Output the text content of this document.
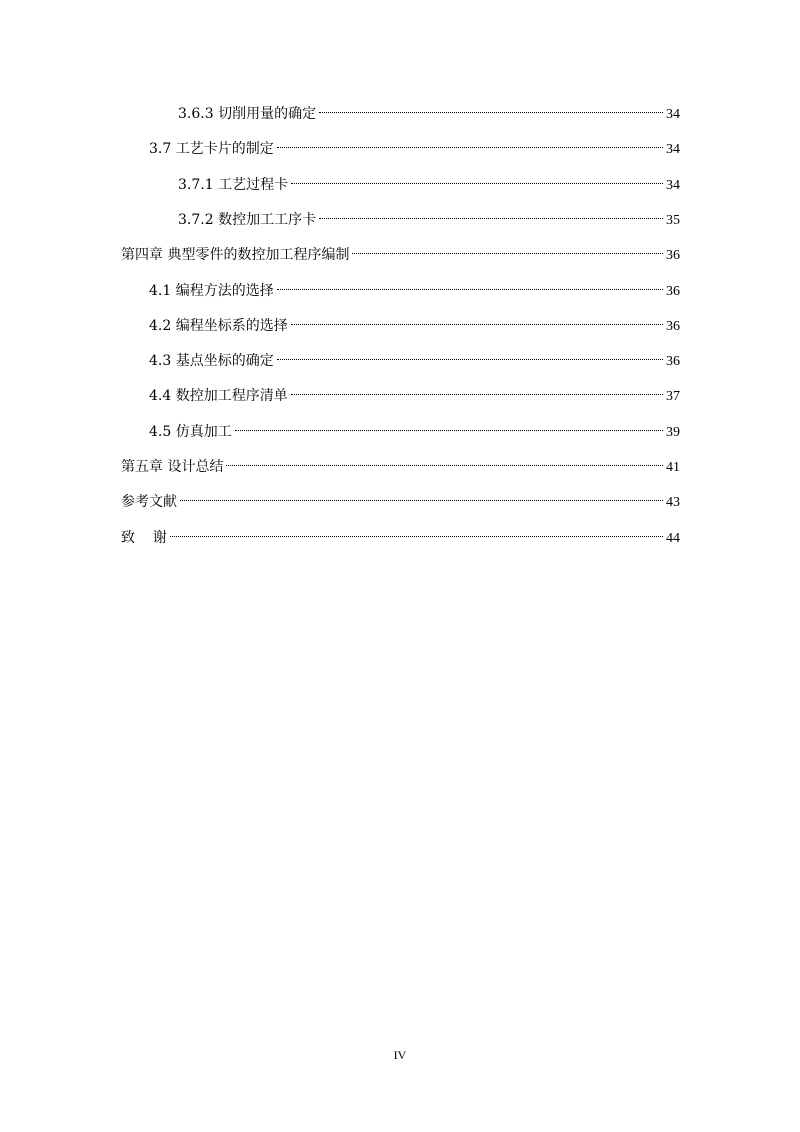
3.6.3 切削用量的确定	34
3.7 工艺卡片的制定	34
3.7.1 工艺过程卡	34
3.7.2 数控加工工序卡	35
第四章 典型零件的数控加工程序编制	36
4.1 编程方法的选择	36
4.2 编程坐标系的选择	36
4.3 基点坐标的确定	36
4.4 数控加工程序清单	37
4.5 仿真加工	39
第五章 设计总结	41
参考文献	43
致    谢	44
IV
